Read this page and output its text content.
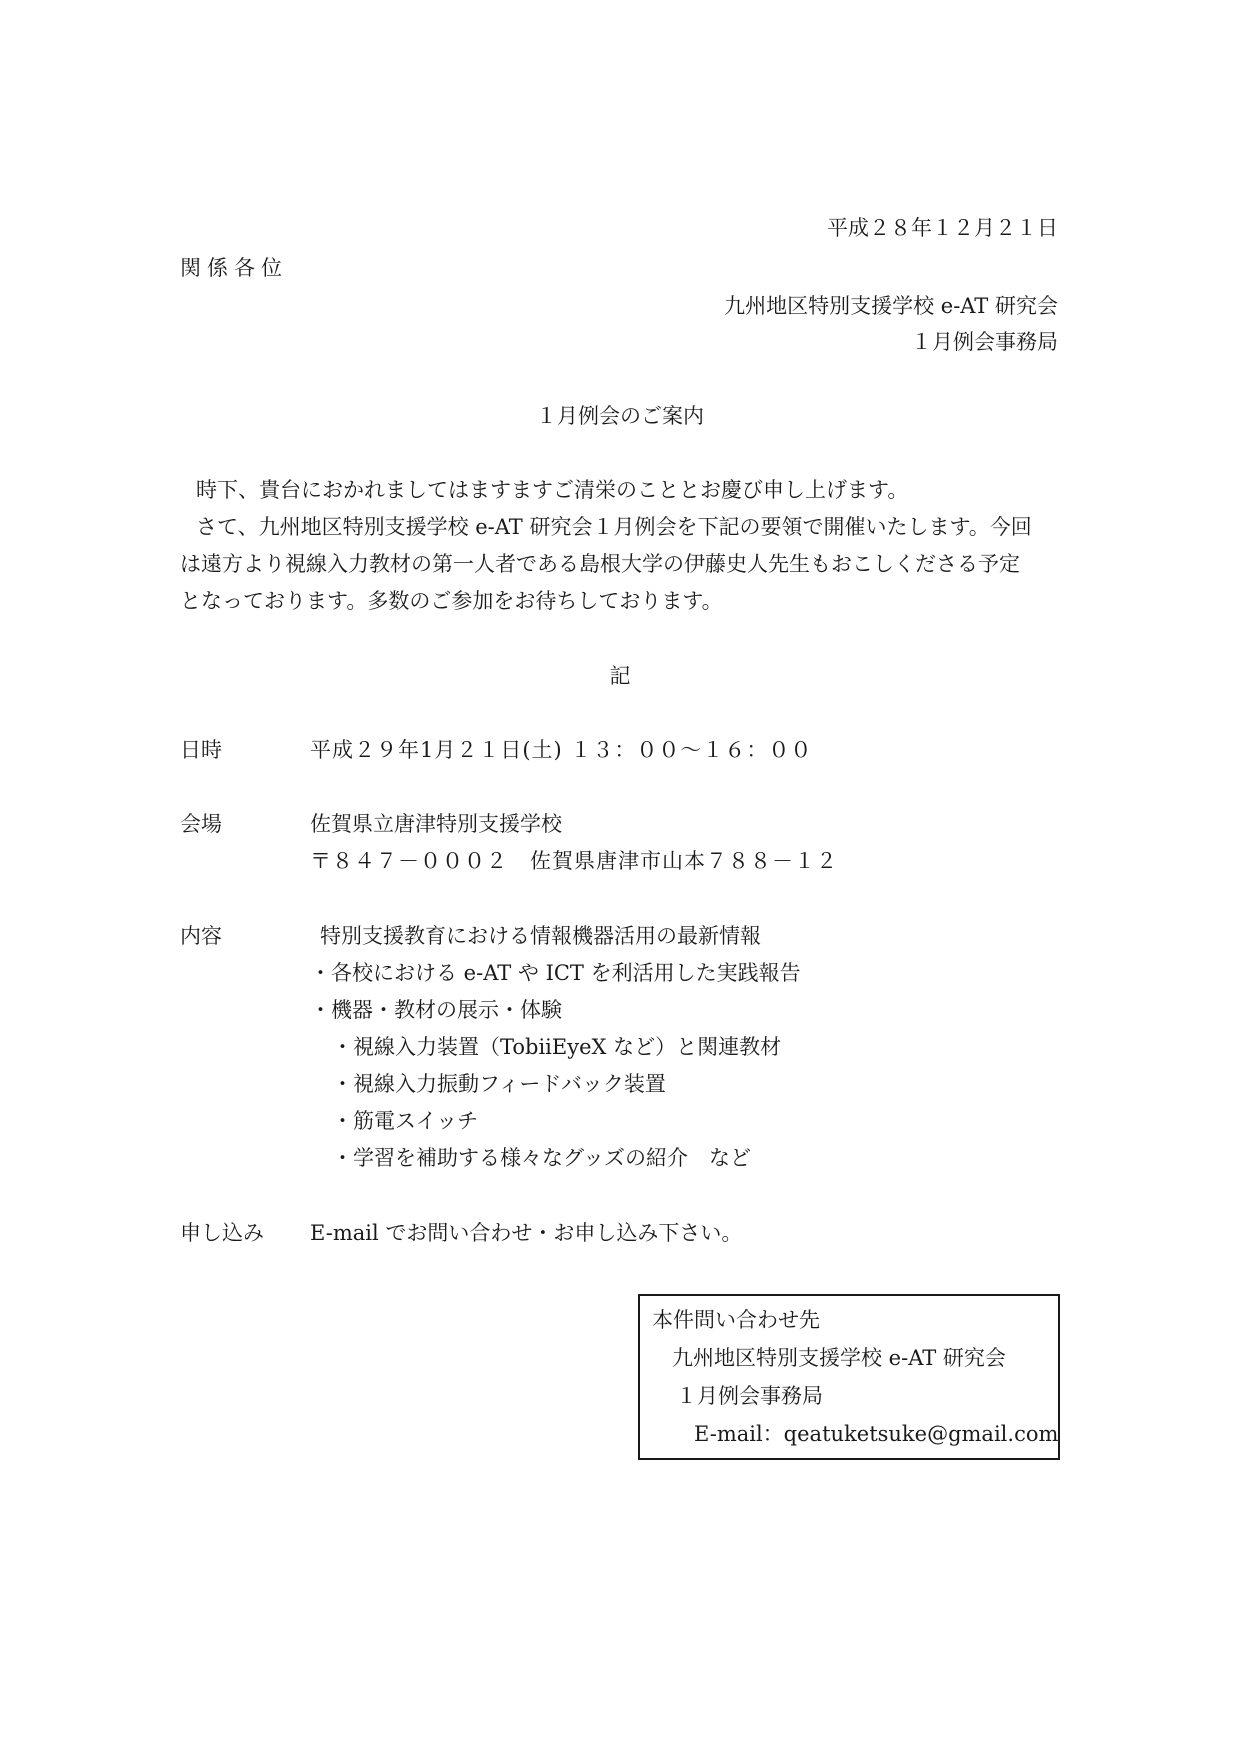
平成２８年１２月２１日
関係各位
九州地区特別支援学校 e-AT 研究会
１月例会事務局
１月例会のご案内
時下、貴台におかれましてはますますご清栄のこととお慶び申し上げます。
さて、九州地区特別支援学校 e-AT 研究会１月例会を下記の要領で開催いたします。今回
は遠方より視線入力教材の第一人者である島根大学の伊藤史人先生もおこしくださる予定
となっております。多数のご参加をお待ちしております。
記
日時	平成２９年1月２１日(土) １３：００～１６：００
会場	佐賀県立唐津特別支援学校
〒８４７－０００２　佐賀県唐津市山本７８８－１２
内容	特別支援教育における情報機器活用の最新情報
・各校における e-AT や ICT を利活用した実践報告
・機器・教材の展示・体験
・視線入力装置（TobiiEyeX など）と関連教材
・視線入力振動フィードバック装置
・筋電スイッチ
・学習を補助する様々なグッズの紹介　など
申し込み E-mail でお問い合わせ・お申し込み下さい。
本件問い合わせ先
九州地区特別支援学校 e-AT 研究会
１月例会事務局
E-mail：qeatuketsuke@gmail.com
